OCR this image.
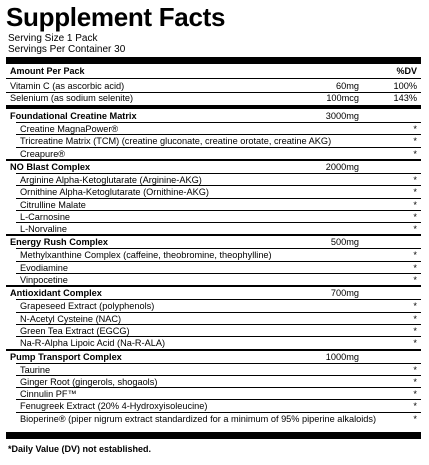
Supplement Facts
Serving Size 1 Pack
Servings Per Container 30
Amount Per Pack	%DV
Vitamin C (as ascorbic acid)	60mg	100%
Selenium (as sodium selenite)	100mcg	143%
Foundational Creatine Matrix	3000mg
Creatine MagnaPower®	*
Tricreatine Matrix (TCM) (creatine gluconate, creatine orotate, creatine AKG)	*
Creapure®	*
NO Blast Complex	2000mg
Arginine Alpha-Ketoglutarate (Arginine-AKG)	*
Ornithine Alpha-Ketoglutarate (Ornithine-AKG)	*
Citrulline Malate	*
L-Carnosine	*
L-Norvaline	*
Energy Rush Complex	500mg
Methylxanthine Complex (caffeine, theobromine, theophylline)	*
Evodiamine	*
Vinpocetine	*
Antioxidant Complex	700mg
Grapeseed Extract (polyphenols)	*
N-Acetyl Cysteine (NAC)	*
Green Tea Extract (EGCG)	*
Na-R-Alpha Lipoic Acid (Na-R-ALA)	*
Pump Transport Complex	1000mg
Taurine	*
Ginger Root (gingerols, shogaols)	*
Cinnulin PF™	*
Fenugreek Extract (20% 4-Hydroxyisoleucine)	*
Bioperine® (piper nigrum extract standardized for a minimum of 95% piperine alkaloids)	*
*Daily Value (DV) not established.
